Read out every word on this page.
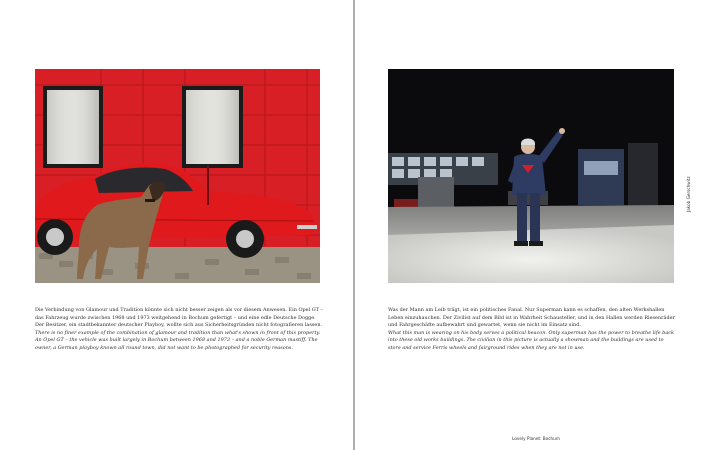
Die Verbindung von Glamour und Tradition könnte sich nicht besser zeigen als vor diesem Anwesen. Ein Opel GT – das Fahrzeug wurde zwischen 1968 und 1973 weitgehend in Bochum gefertigt – und eine edle Deutsche Dogge. Der Besitzer, ein stadtbekannter deutscher Playboy, wollte sich aus Sicherheitsgründen nicht fotografieren lassen.

There is no finer example of the combination of glamour and tradition than what's shown in front of this property. An Opel GT – the vehicle was built largely in Bochum between 1968 and 1973 – and a noble German mastiff. The owner, a German playboy known all round town, did not want to be photographed for security reasons.

Was der Mann am Leib trägt, ist ein politisches Fanal. Nur Superman kann es schaffen, den alten Werkshallen Leben einzuhauchen. Der Zivilist auf dem Bild ist in Wahrheit Schausteller, und in den Hallen werden Riesenräder und Fahrgeschäfte aufbewahrt und gewartet, wenn sie nicht im Einsatz sind.

What this man is wearing on his body serves a political beacon. Only superman has the power to breathe life back into these old works buildings. The civilian in this picture is actually a showman and the buildings are used to store and service Ferris wheels and fairground rides when they are not in use.

Jakob Gerschwitz
Lovely Planet: Bochum
